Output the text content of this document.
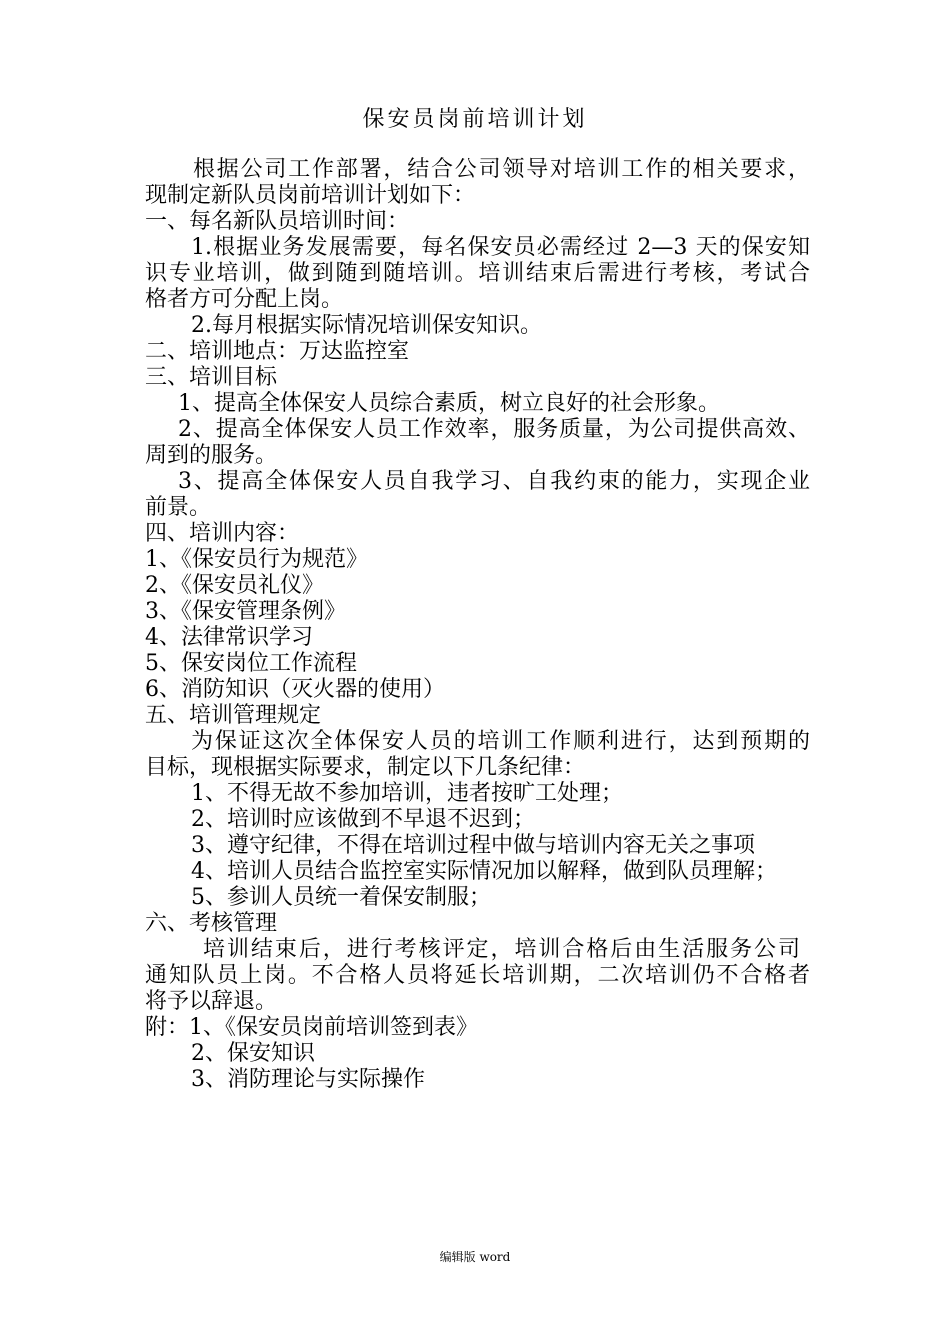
保安员岗前培训计划
根据公司工作部署，结合公司领导对培训工作的相关要求，
现制定新队员岗前培训计划如下：
一、每名新队员培训时间：
1.根据业务发展需要，每名保安员必需经过 2—3 天的保安知
识专业培训，做到随到随培训。培训结束后需进行考核，考试合
格者方可分配上岗。
2.每月根据实际情况培训保安知识。
二、培训地点：万达监控室
三、培训目标
1、提高全体保安人员综合素质，树立良好的社会形象。
2、提高全体保安人员工作效率，服务质量，为公司提供高效、
周到的服务。
3、提高全体保安人员自我学习、自我约束的能力，实现企业
前景。
四、培训内容：
1、《保安员行为规范》
2、《保安员礼仪》
3、《保安管理条例》
4、法律常识学习
5、保安岗位工作流程
6、消防知识（灭火器的使用）
五、培训管理规定
为保证这次全体保安人员的培训工作顺利进行，达到预期的
目标，现根据实际要求，制定以下几条纪律：
1、不得无故不参加培训，违者按旷工处理；
2、培训时应该做到不早退不迟到；
3、遵守纪律，不得在培训过程中做与培训内容无关之事项
4、培训人员结合监控室实际情况加以解释，做到队员理解；
5、参训人员统一着保安制服；
六、考核管理
培训结束后，进行考核评定，培训合格后由生活服务公司
通知队员上岗。不合格人员将延长培训期，二次培训仍不合格者
将予以辞退。
附：1、《保安员岗前培训签到表》
2、保安知识
3、消防理论与实际操作
编辑版 word
